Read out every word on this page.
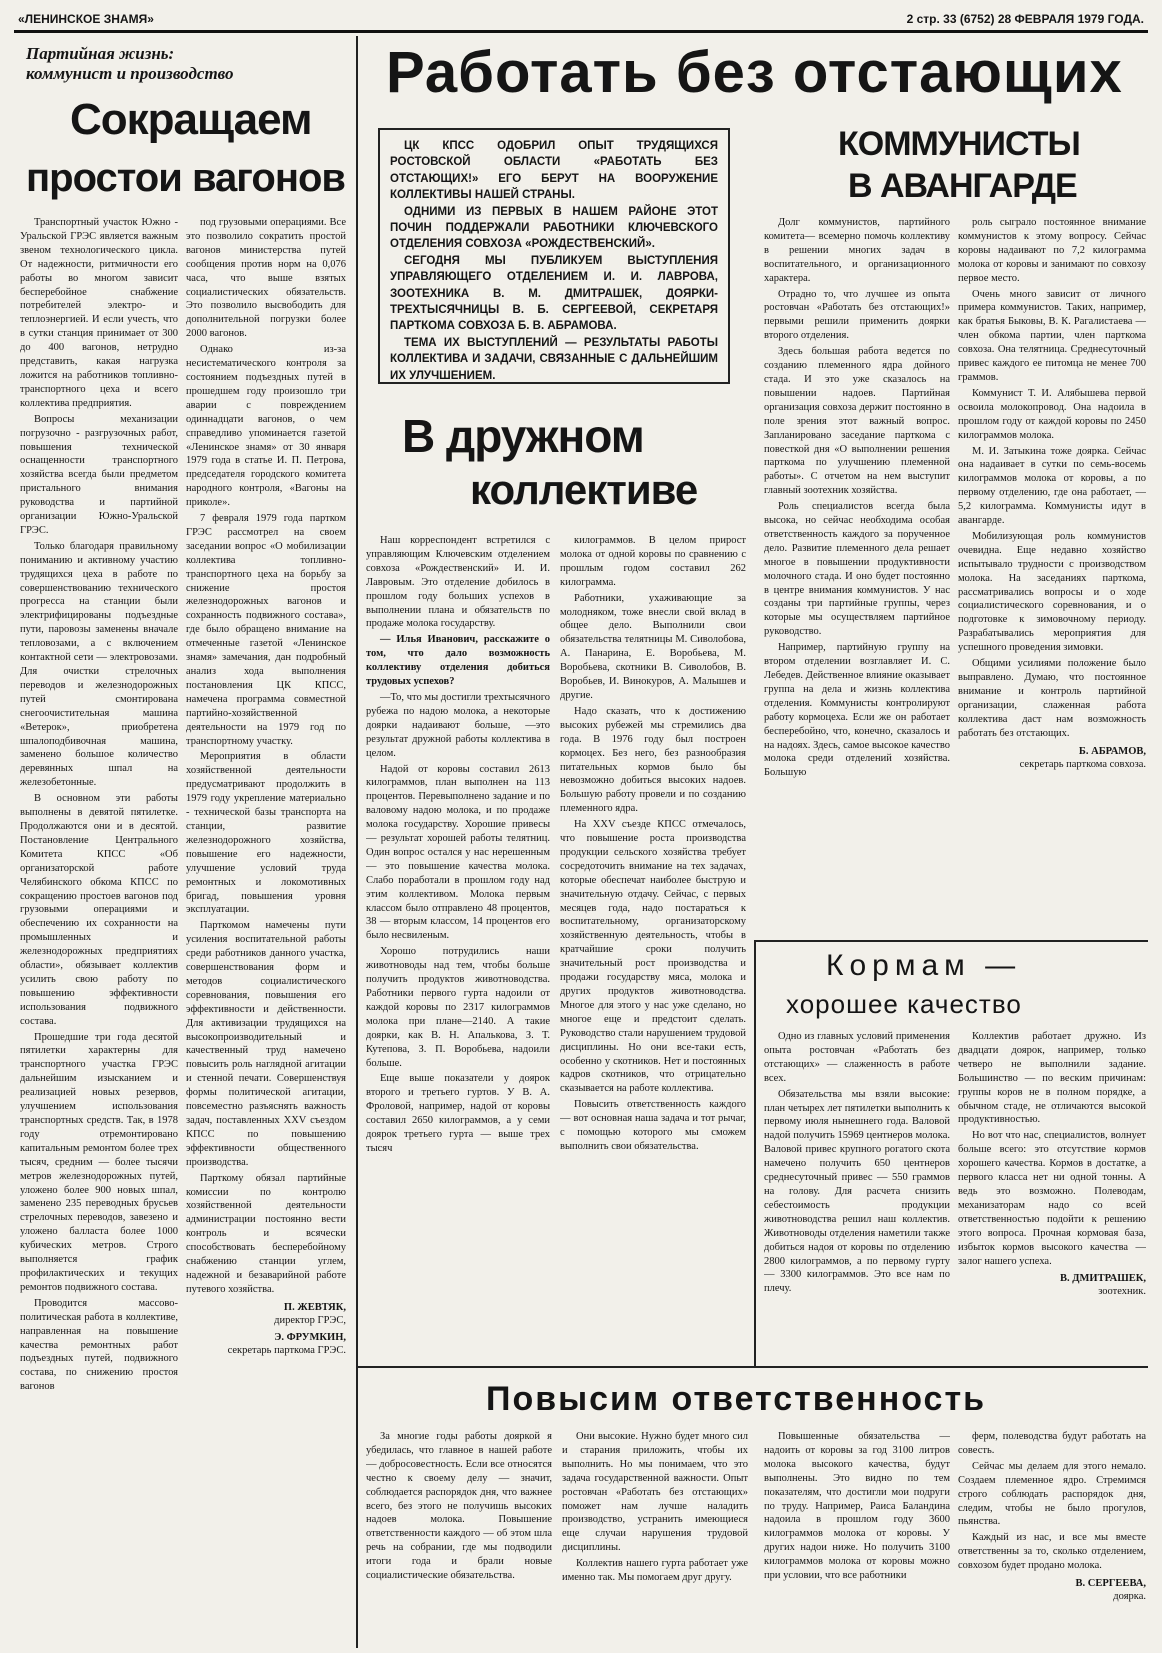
«ЛЕНИНСКОЕ ЗНАМЯ»	2 стр. 33 (6752) 28 ФЕВРАЛЯ 1979 ГОДА.
Партийная жизнь:
коммунист и производство	Работать без отстающих
Сокращаем
простои вагонов

Транспортный участок Южно - Уральской ГРЭС является важным звеном технологического цикла. От надежности, ритмичности его работы во многом зависит бесперебойное снабжение потребителей электро- и теплоэнергией. И если учесть, что в сутки станция принимает от 300 до 400 вагонов, нетрудно представить, какая нагрузка ложится на работников топливно-транспортного цеха и всего коллектива предприятия.

Вопросы механизации погрузочно - разгрузочных работ, повышения технической оснащенности транспортного хозяйства всегда были предметом пристального внимания руководства и партийной организации Южно-Уральской ГРЭС.

Только благодаря правильному пониманию и активному участию трудящихся цеха в работе по совершенствованию технического прогресса на станции были электрифицированы подъездные пути, паровозы заменены вначале тепловозами, а с включением контактной сети — электровозами. Для очистки стрелочных переводов и железнодорожных путей смонтирована снегоочистительная машина «Ветерок», приобретена шпалоподбивочная машина, заменено большое количество деревянных шпал на железобетонные.

В основном эти работы выполнены в девятой пятилетке. Продолжаются они и в десятой. Постановление Центрального Комитета КПСС «Об организаторской работе Челябинского обкома КПСС по сокращению простоев вагонов под грузовыми операциями и обеспечению их сохранности на промышленных и железнодорожных предприятиях области», обязывает коллектив усилить свою работу по повышению эффективности использования подвижного состава.

Прошедшие три года десятой пятилетки характерны для транспортного участка ГРЭС дальнейшим изысканием и реализацией новых резервов, улучшением использования транспортных средств. Так, в 1978 году отремонтировано капитальным ремонтом более трех тысяч, средним — более тысячи метров железнодорожных путей, уложено более 900 новых шпал, заменено 235 переводных брусьев стрелочных переводов, завезено и уложено балласта более 1000 кубических метров. Строго выполняется график профилактических и текущих ремонтов подвижного состава.

Проводится массово-политическая работа в коллективе, направленная на повышение качества ремонтных работ подъездных путей, подвижного состава, по снижению простоя вагонов

под грузовыми операциями. Все это позволило сократить простой вагонов министерства путей сообщения против норм на 0,076 часа, что выше взятых социалистических обязательств. Это позволило высвободить для дополнительной погрузки более 2000 вагонов.

Однако из-за несистематического контроля за состоянием подъездных путей в прошедшем году произошло три аварии с повреждением одиннадцати вагонов, о чем справедливо упоминается газетой «Ленинское знамя» от 30 января 1979 года в статье И. П. Петрова, председателя городского комитета народного контроля, «Вагоны на приколе».

7 февраля 1979 года партком ГРЭС рассмотрел на своем заседании вопрос «О мобилизации коллектива топливно-транспортного цеха на борьбу за снижение простоя железнодорожных вагонов и сохранность подвижного состава», где было обращено внимание на отмеченные газетой «Ленинское знамя» замечания, дан подробный анализ хода выполнения постановления ЦК КПСС, намечена программа совместной партийно-хозяйственной деятельности на 1979 год по транспортному участку.

Мероприятия в области хозяйственной деятельности предусматривают продолжить в 1979 году укрепление материально - технической базы транспорта на станции, развитие железнодорожного хозяйства, повышение его надежности, улучшение условий труда ремонтных и локомотивных бригад, повышения уровня эксплуатации.

Парткомом намечены пути усиления воспитательной работы среди работников данного участка, совершенствования форм и методов социалистического соревнования, повышения его эффективности и действенности. Для активизации трудящихся на высокопроизводительный и качественный труд намечено повысить роль наглядной агитации и стенной печати. Совершенствуя формы политической агитации, повсеместно разъяснять важность задач, поставленных XXV съездом КПСС по повышению эффективности общественного производства.

Парткому обязал партийные комиссии по контролю хозяйственной деятельности администрации постоянно вести контроль и всячески способствовать бесперебойному снабжению станции углем, надежной и безаварийной работе путевого хозяйства.

П. ЖЕВТЯК,
директор ГРЭС,
Э. ФРУМКИН,
секретарь парткома ГРЭС.

ЦК КПСС ОДОБРИЛ ОПЫТ ТРУДЯЩИХСЯ РОСТОВСКОЙ ОБЛАСТИ «РАБОТАТЬ БЕЗ ОТСТАЮЩИХ!» ЕГО БЕРУТ НА ВООРУЖЕНИЕ КОЛЛЕКТИВЫ НАШЕЙ СТРАНЫ.

ОДНИМИ ИЗ ПЕРВЫХ В НАШЕМ РАЙОНЕ ЭТОТ ПОЧИН ПОДДЕРЖАЛИ РАБОТНИКИ КЛЮЧЕВСКОГО ОТДЕЛЕНИЯ СОВХОЗА «РОЖДЕСТВЕНСКИЙ».

СЕГОДНЯ МЫ ПУБЛИКУЕМ ВЫСТУПЛЕНИЯ УПРАВЛЯЮЩЕГО ОТДЕЛЕНИЕМ И. И. ЛАВРОВА, ЗООТЕХНИКА В. М. ДМИТРАШЕК, ДОЯРКИ-ТРЕХТЫСЯЧНИЦЫ В. Б. СЕРГЕЕВОЙ, СЕКРЕТАРЯ ПАРТКОМА СОВХОЗА Б. В. АБРАМОВА.

ТЕМА ИХ ВЫСТУПЛЕНИЙ — РЕЗУЛЬТАТЫ РАБОТЫ КОЛЛЕКТИВА И ЗАДАЧИ, СВЯЗАННЫЕ С ДАЛЬНЕЙШИМ ИХ УЛУЧШЕНИЕМ.

КОММУНИСТЫ
В АВАНГАРДЕ

Долг коммунистов, партийного комитета— всемерно помочь коллективу в решении многих задач в воспитательного, и организационного характера.

Отрадно то, что лучшее из опыта ростовчан «Работать без отстающих!» первыми решили применить доярки второго отделения.

Здесь большая работа ведется по созданию племенного ядра дойного стада. И это уже сказалось на повышении надоев. Партийная организация совхоза держит постоянно в поле зрения этот важный вопрос. Запланировано заседание парткома с повесткой дня «О выполнении решения парткома по улучшению племенной работы». С отчетом на нем выступит главный зоотехник хозяйства.

Роль специалистов всегда была высока, но сейчас необходима особая ответственность каждого за порученное дело. Развитие племенного дела решает многое в повышении продуктивности молочного стада. И оно будет постоянно в центре внимания коммунистов. У нас созданы три партийные группы, через которые мы осуществляем партийное руководство.

Например, партийную группу на втором отделении возглавляет И. С. Лебедев. Действенное влияние оказывает группа на дела и жизнь коллектива отделения. Коммунисты контролируют работу кормоцеха. Если же он работает бесперебойно, что, конечно, сказалось и на надоях. Здесь, самое высокое качество молока среди отделений хозяйства. Большую

роль сыграло постоянное внимание коммунистов к этому вопросу. Сейчас коровы надаивают по 7,2 килограмма молока от коровы и занимают по совхозу первое место.

Очень много зависит от личного примера коммунистов. Таких, например, как братья Быковы, В. К. Рагалистаева — член обкома партии, член парткома совхоза. Она телятница. Среднесуточный привес каждого ее питомца не менее 700 граммов.

Коммунист Т. И. Алябышева первой освоила молокопровод. Она надоила в прошлом году от каждой коровы по 2450 килограммов молока.

М. И. Затыкина тоже доярка. Сейчас она надаивает в сутки по семь-восемь килограммов молока от коровы, а по первому отделению, где она работает, — 5,2 килограмма. Коммунисты идут в авангарде.

Мобилизующая роль коммунистов очевидна. Еще недавно хозяйство испытывало трудности с производством молока. На заседаниях парткома, рассматривались вопросы и о ходе социалистического соревнования, и о подготовке к зимовочному периоду. Разрабатывались мероприятия для успешного проведения зимовки.

Общими усилиями положение было выправлено. Думаю, что постоянное внимание и контроль партийной организации, слаженная работа коллектива даст нам возможность работать без отстающих.

Б. АБРАМОВ,
секретарь парткома совхоза.
В дружном
коллективе

Наш корреспондент встретился с управляющим Ключевским отделением совхоза «Рождественский» И. И. Лавровым. Это отделение добилось в прошлом году больших успехов в выполнении плана и обязательств по продаже молока государству.

— Илья Иванович, расскажите о том, что дало возможность коллективу отделения добиться трудовых успехов?

—То, что мы достигли трехтысячного рубежа по надою молока, а некоторые доярки надаивают больше, —это результат дружной работы коллектива в целом.

Надой от коровы составил 2613 килограммов, план выполнен на 113 процентов. Перевыполнено задание и по валовому надою молока, и по продаже молока государству. Хорошие привесы — результат хорошей работы телятниц. Один вопрос остался у нас нерешенным — это повышение качества молока. Слабо поработали в прошлом году над этим коллективом. Молока первым классом было отправлено 48 процентов, 38 — вторым классом, 14 процентов его было несвиленым.

Хорошо потрудились наши животноводы над тем, чтобы больше получить продуктов животноводства. Работники первого гурта надоили от каждой коровы по 2317 килограммов молока при плане—2140. А такие доярки, как В. Н. Апалькова, З. Т. Кутепова, З. П. Воробьева, надоили больше.

Еще выше показатели у доярок второго и третьего гуртов. У В. А. Фроловой, например, надой от коровы составил 2650 килограммов, а у семи доярок третьего гурта — выше трех тысяч

килограммов. В целом прирост молока от одной коровы по сравнению с прошлым годом составил 262 килограмма.

Работники, ухаживающие за молодняком, тоже внесли свой вклад в общее дело. Выполнили свои обязательства телятницы М. Сиволобова, А. Панарина, Е. Воробьева, М. Воробьева, скотники В. Сиволобов, В. Воробьев, И. Винокуров, А. Малышев и другие.

Надо сказать, что к достижению высоких рубежей мы стремились два года. В 1976 году был построен кормоцех. Без него, без разнообразия питательных кормов было бы невозможно добиться высоких надоев. Большую работу провели и по созданию племенного ядра.

На XXV съезде КПСС отмечалось, что повышение роста производства продукции сельского хозяйства требует сосредоточить внимание на тех задачах, которые обеспечат наиболее быструю и значительную отдачу. Сейчас, с первых месяцев года, надо постараться к воспитательному, организаторскому хозяйственную деятельность, чтобы в кратчайшие сроки получить значительный рост производства и продажи государству мяса, молока и других продуктов животноводства. Многое для этого у нас уже сделано, но многое еще и предстоит сделать. Руководство стали нарушением трудовой дисциплины. Но они все-таки есть, особенно у скотников. Нет и постоянных кадров скотников, что отрицательно сказывается на работе коллектива.

Повысить ответственность каждого — вот основная наша задача и тот рычаг, с помощью которого мы сможем выполнить свои обязательства.

Кормам —
хорошее качество

Одно из главных условий применения опыта ростовчан «Работать без отстающих» — слаженность в работе всех.

Обязательства мы взяли высокие: план четырех лет пятилетки выполнить к первому июля нынешнего года. Валовой надой получить 15969 центнеров молока. Валовой привес крупного рогатого скота намечено получить 650 центнеров среднесуточный привес — 550 граммов на голову. Для расчета снизить себестоимость продукции животноводства решил наш коллектив. Животноводы отделения наметили также добиться надоя от коровы по отделению 2800 килограммов, а по первому гурту — 3300 килограммов. Это все нам по плечу.

Коллектив работает дружно. Из двадцати доярок, например, только четверо не выполнили задание. Большинство — по веским причинам: группы коров не в полном порядке, а обычном стаде, не отличаются высокой продуктивностью.

Но вот что нас, специалистов, волнует больше всего: это отсутствие кормов хорошего качества. Кормов в достатке, а первого класса нет ни одной тонны. А ведь это возможно. Полеводам, механизаторам надо со всей ответственностью подойти к решению этого вопроса. Прочная кормовая база, избыток кормов высокого качества — залог нашего успеха.

В. ДМИТРАШЕК,
зоотехник.
Повысим ответственность

За многие годы работы дояркой я убедилась, что главное в нашей работе — добросовестность. Если все относятся честно к своему делу — значит, соблюдается распорядок дня, что важнее всего, без этого не получишь высоких надоев молока. Повышение ответственности каждого — об этом шла речь на собрании, где мы подводили итоги года и брали новые социалистические обязательства.

Они высокие. Нужно будет много сил и старания приложить, чтобы их выполнить. Но мы понимаем, что это задача государственной важности. Опыт ростовчан «Работать без отстающих» поможет нам лучше наладить производство, устранить имеющиеся еще случаи нарушения трудовой дисциплины.

Коллектив нашего гурта работает уже именно так. Мы помогаем друг другу.

Повышенные обязательства — надоить от коровы за год 3100 литров молока высокого качества, будут выполнены. Это видно по тем показателям, что достигли мои подруги по труду. Например, Раиса Баландина надоила в прошлом году 3600 килограммов молока от коровы. У других надои ниже. Но получить 3100 килограммов молока от коровы можно при условии, что все работники

ферм, полеводства будут работать на совесть.

Сейчас мы делаем для этого немало. Создаем племенное ядро. Стремимся строго соблюдать распорядок дня, следим, чтобы не было прогулов, пьянства.

Каждый из нас, и все мы вместе ответственны за то, сколько отделением, совхозом будет продано молока.

В. СЕРГЕЕВА,
доярка.
